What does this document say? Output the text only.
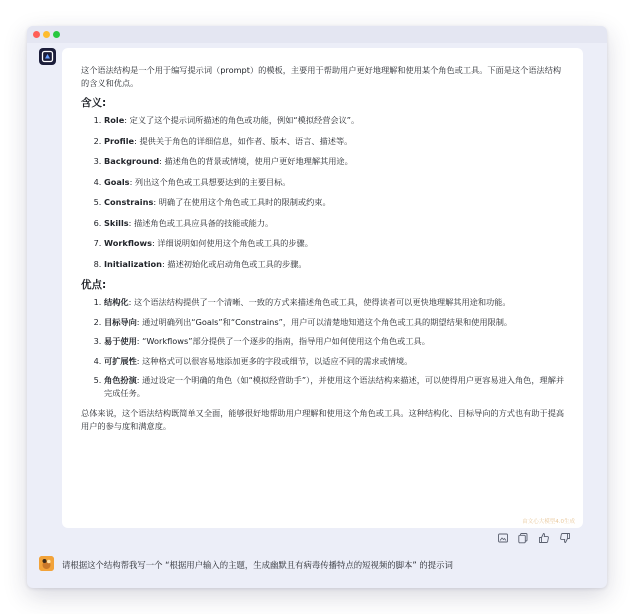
这个语法结构是一个用于编写提示词（prompt）的模板，主要用于帮助用户更好地理解和使用某个角色或工具。下面是这个语法结构的含义和优点。

含义:
1. Role: 定义了这个提示词所描述的角色或功能，例如“模拟经营会议”。
2. Profile: 提供关于角色的详细信息，如作者、版本、语言、描述等。
3. Background: 描述角色的背景或情境，使用户更好地理解其用途。
4. Goals: 列出这个角色或工具想要达到的主要目标。
5. Constrains: 明确了在使用这个角色或工具时的限制或约束。
6. Skills: 描述角色或工具应具备的技能或能力。
7. Workflows: 详细说明如何使用这个角色或工具的步骤。
8. Initialization: 描述初始化或启动角色或工具的步骤。
优点:
1. 结构化: 这个语法结构提供了一个清晰、一致的方式来描述角色或工具，使得读者可以更快地理解其用途和功能。
2. 目标导向: 通过明确列出“Goals”和“Constrains”，用户可以清楚地知道这个角色或工具的期望结果和使用限制。
3. 易于使用: “Workflows”部分提供了一个逐步的指南，指导用户如何使用这个角色或工具。
4. 可扩展性: 这种格式可以很容易地添加更多的字段或细节，以适应不同的需求或情境。
5. 角色扮演: 通过设定一个明确的角色（如“模拟经营助手”），并使用这个语法结构来描述，可以使得用户更容易进入角色，理解并完成任务。

总体来说，这个语法结构既简单又全面，能够很好地帮助用户理解和使用这个角色或工具。这种结构化、目标导向的方式也有助于提高用户的参与度和满意度。

由文心大模型4.0生成
请根据这个结构帮我写一个 “根据用户输入的主题，生成幽默且有病毒传播特点的短视频的脚本” 的提示词
